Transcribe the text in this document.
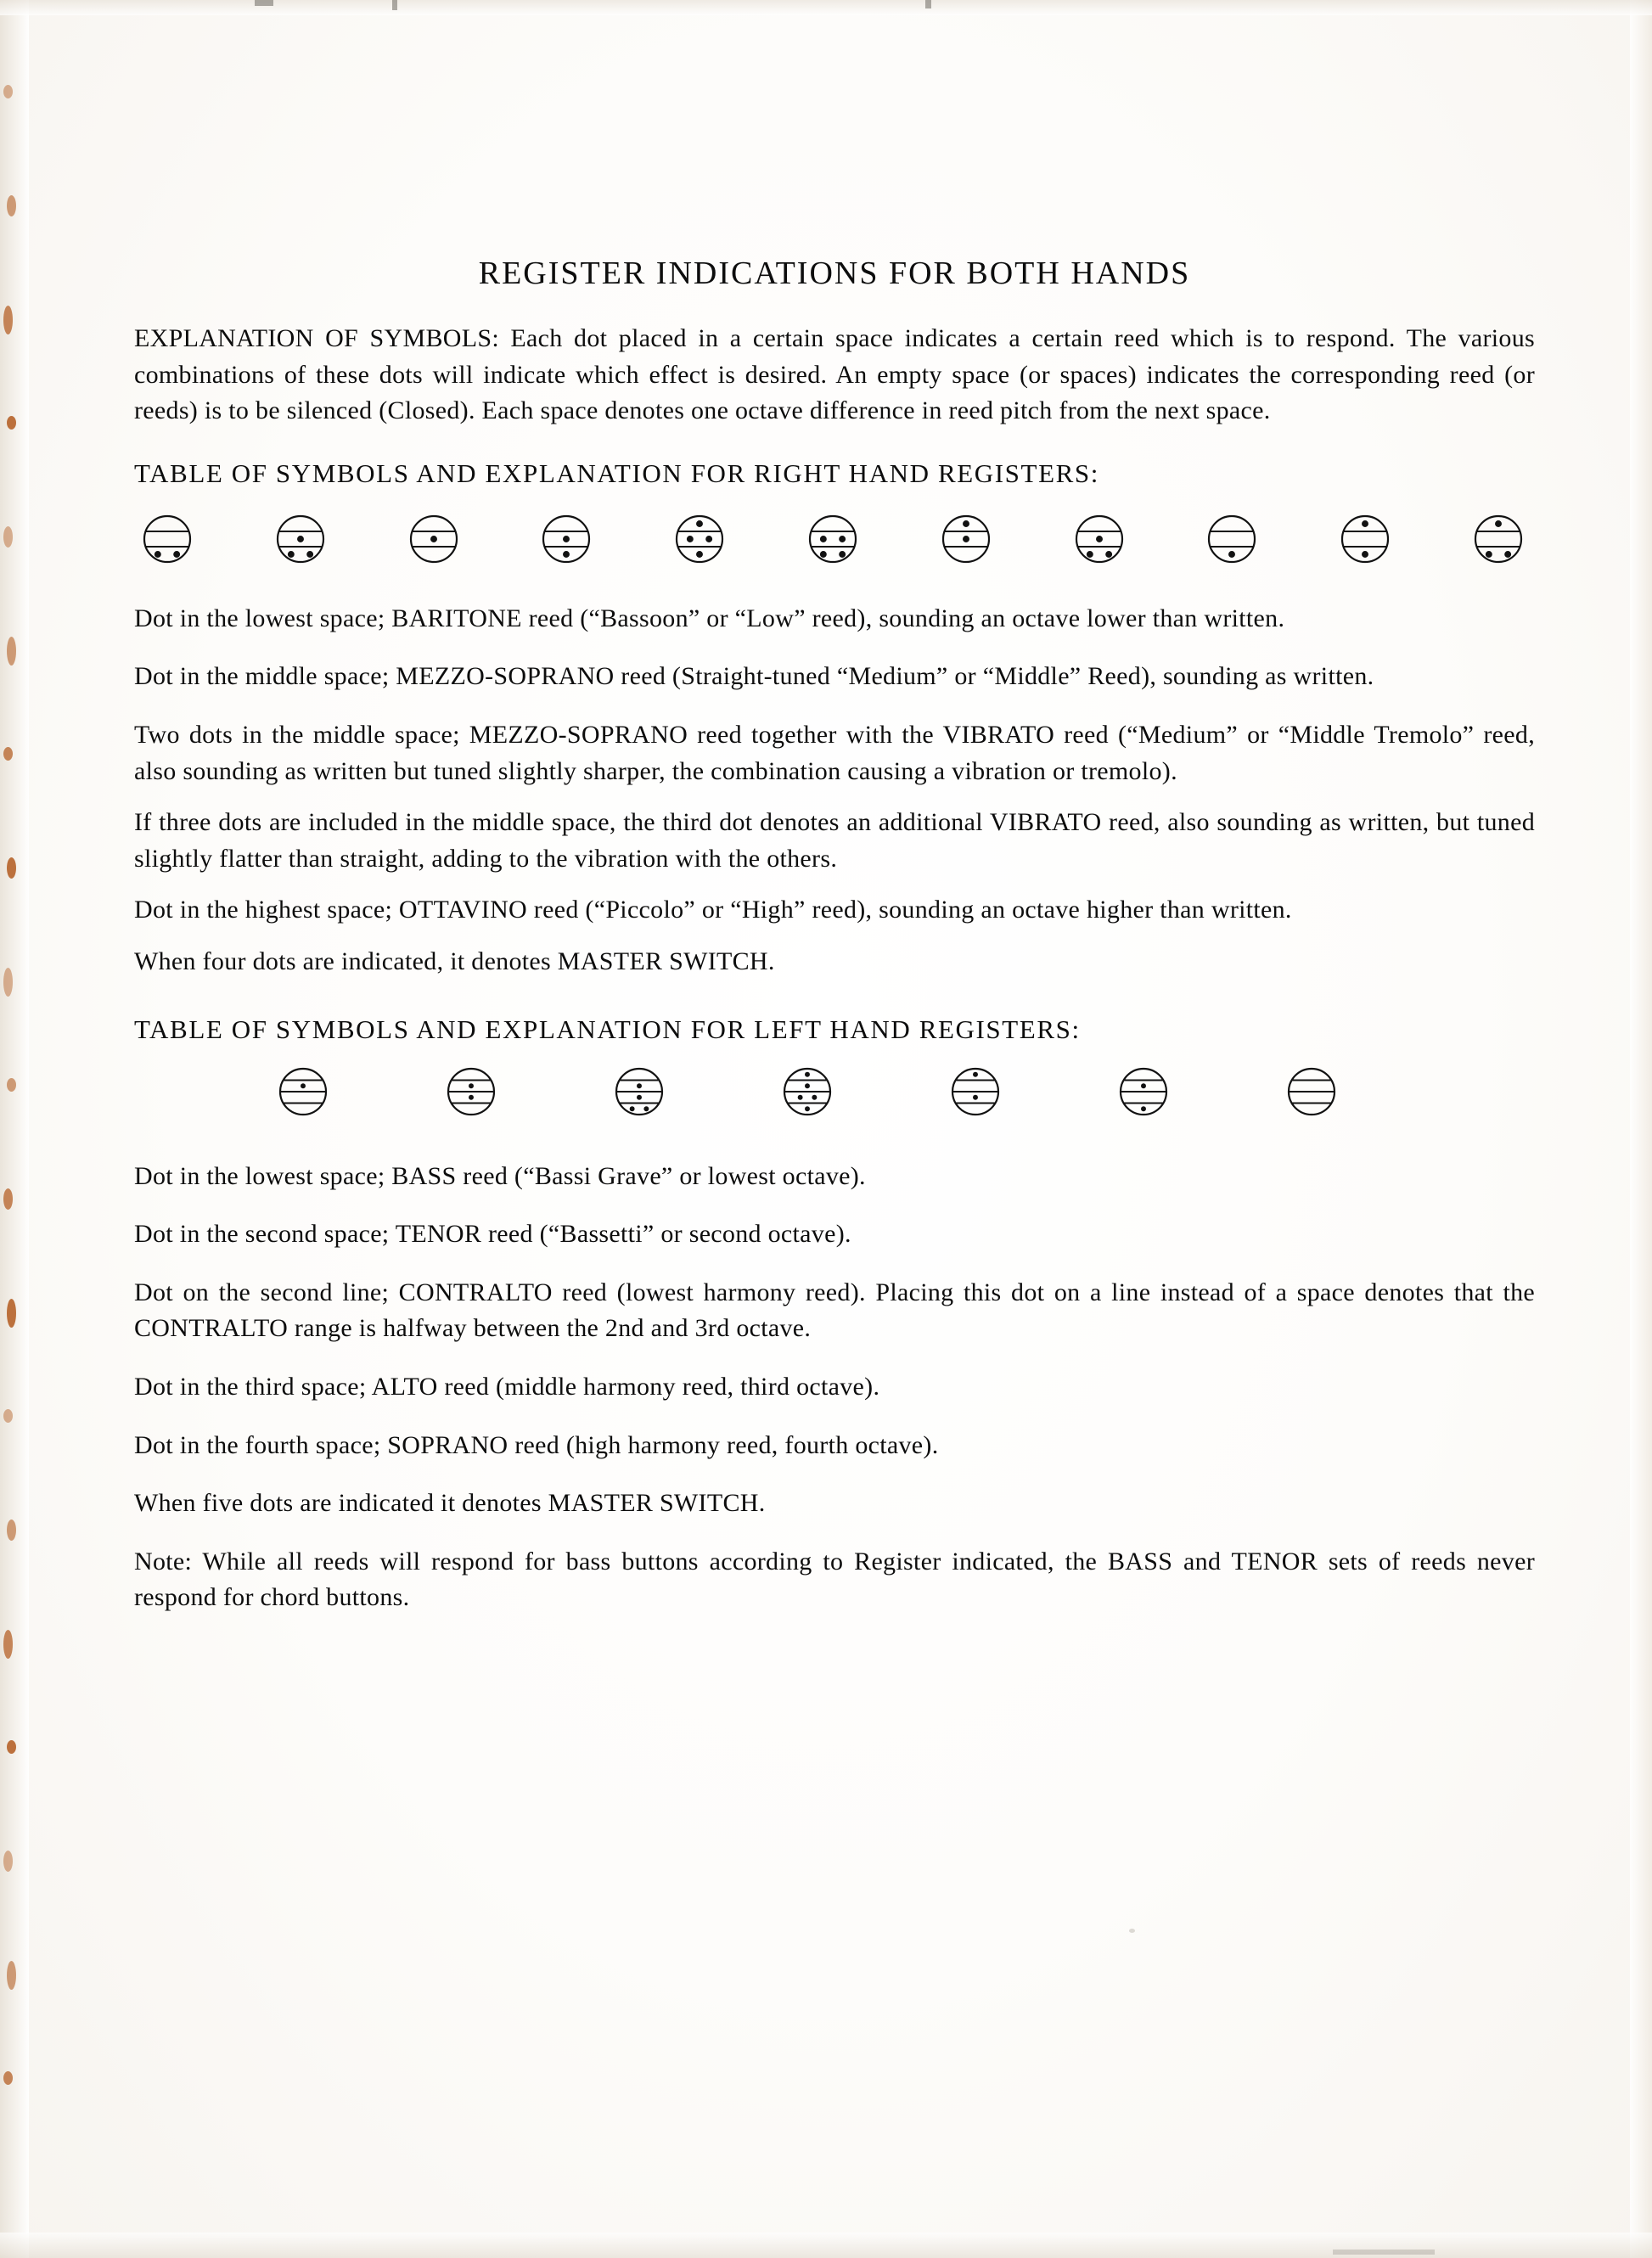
REGISTER INDICATIONS FOR BOTH HANDS

EXPLANATION OF SYMBOLS: Each dot placed in a certain space indicates a certain reed which is to respond. The various combinations of these dots will indicate which effect is desired. An empty space (or spaces) indicates the corresponding reed (or reeds) is to be silenced (Closed). Each space denotes one octave difference in reed pitch from the next space.

TABLE OF SYMBOLS AND EXPLANATION FOR RIGHT HAND REGISTERS:

Dot in the lowest space; BARITONE reed (“Bassoon” or “Low” reed), sounding an octave lower than written.

Dot in the middle space; MEZZO-SOPRANO reed (Straight-tuned “Medium” or “Middle” Reed), sounding as written.

Two dots in the middle space; MEZZO-SOPRANO reed together with the VIBRATO reed (“Medium” or “Middle Tremolo” reed, also sounding as written but tuned slightly sharper, the combination causing a vibration or tremolo).

If three dots are included in the middle space, the third dot denotes an additional VIBRATO reed, also sounding as written, but tuned slightly flatter than straight, adding to the vibration with the others.

Dot in the highest space; OTTAVINO reed (“Piccolo” or “High” reed), sounding an octave higher than written.

When four dots are indicated, it denotes MASTER SWITCH.

TABLE OF SYMBOLS AND EXPLANATION FOR LEFT HAND REGISTERS:

Dot in the lowest space; BASS reed (“Bassi Grave” or lowest octave).

Dot in the second space; TENOR reed (“Bassetti” or second octave).

Dot on the second line; CONTRALTO reed (lowest harmony reed). Placing this dot on a line instead of a space denotes that the CONTRALTO range is halfway between the 2nd and 3rd octave.

Dot in the third space; ALTO reed (middle harmony reed, third octave).

Dot in the fourth space; SOPRANO reed (high harmony reed, fourth octave).

When five dots are indicated it denotes MASTER SWITCH.

Note: While all reeds will respond for bass buttons according to Register indicated, the BASS and TENOR sets of reeds never respond for chord buttons.
